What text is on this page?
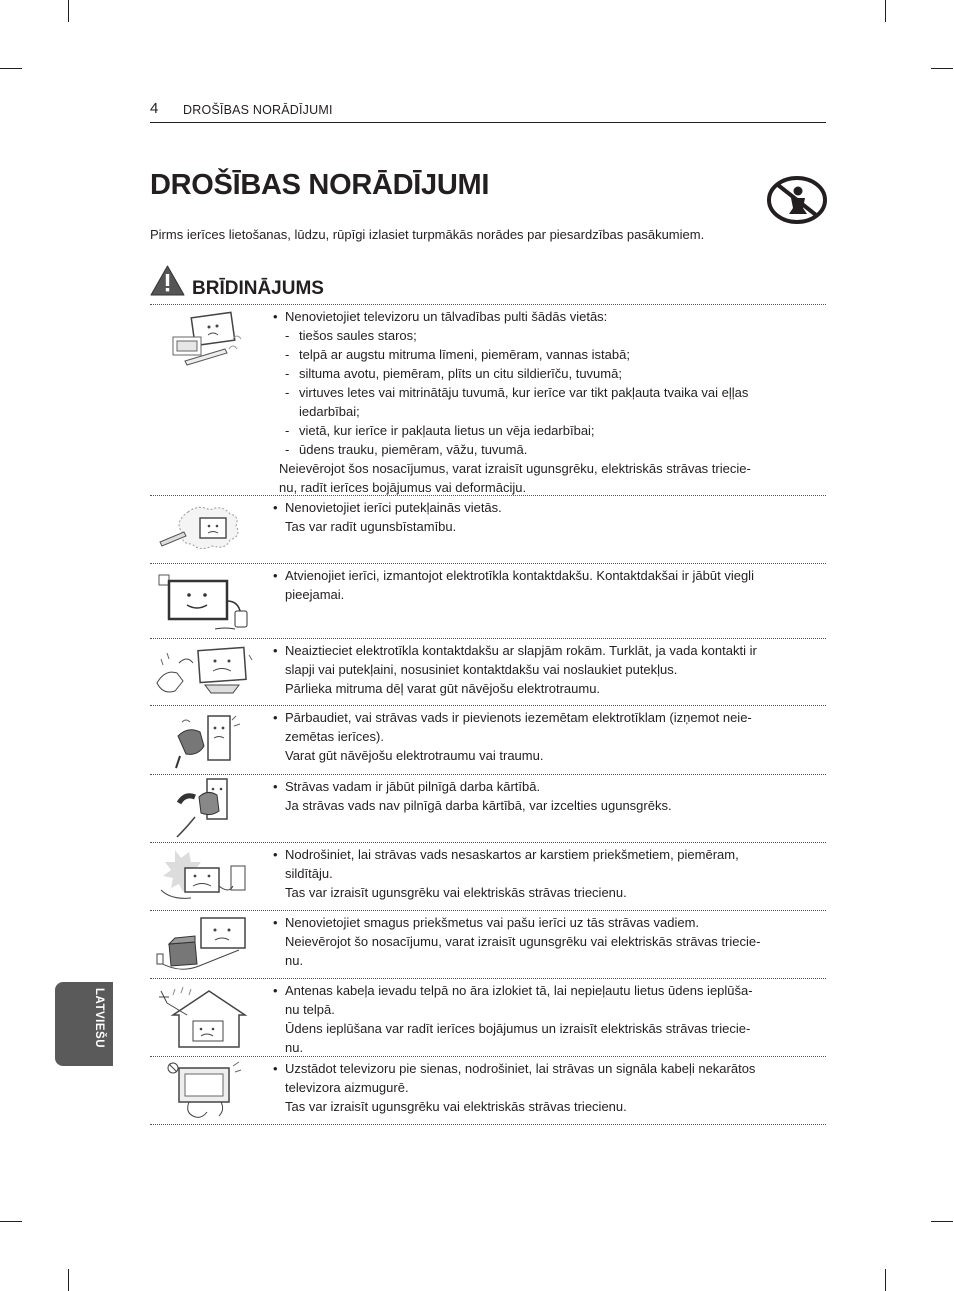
4 DROŠĪBAS NORĀDĪJUMI
DROŠĪBAS NORĀDĪJUMI

Pirms ierīces lietošanas, lūdzu, rūpīgi izlasiet turpmākās norādes par piesardzības pasākumiem.

BRĪDINĀJUMS
• Nenovietojiet televizoru un tālvadības pulti šādās vietās:
- tiešos saules staros;
- telpā ar augstu mitruma līmeni, piemēram, vannas istabā;
- siltuma avotu, piemēram, plīts un citu sildierīču, tuvumā;
- virtuves letes vai mitrinātāju tuvumā, kur ierīce var tikt pakļauta tvaika vai eļļas
iedarbībai;
- vietā, kur ierīce ir pakļauta lietus un vēja iedarbībai;
- ūdens trauku, piemēram, vāžu, tuvumā.
Neievērojot šos nosacījumus, varat izraisīt ugunsgrēku, elektriskās strāvas triecie-
nu, radīt ierīces bojājumus vai deformāciju.
• Nenovietojiet ierīci putekļainās vietās.
Tas var radīt ugunsbīstamību.
• Atvienojiet ierīci, izmantojot elektrotīkla kontaktdakšu. Kontaktdakšai ir jābūt viegli
pieejamai.
• Neaiztieciet elektrotīkla kontaktdakšu ar slapjām rokām. Turklāt, ja vada kontakti ir
slapji vai putekļaini, nosusiniet kontaktdakšu vai noslaukiet putekļus.
Pārlieka mitruma dēļ varat gūt nāvējošu elektrotraumu.
• Pārbaudiet, vai strāvas vads ir pievienots iezemētam elektrotīklam (izņemot neie-
zemētas ierīces).
Varat gūt nāvējošu elektrotraumu vai traumu.
• Strāvas vadam ir jābūt pilnīgā darba kārtībā.
Ja strāvas vads nav pilnīgā darba kārtībā, var izcelties ugunsgrēks.
• Nodrošiniet, lai strāvas vads nesaskartos ar karstiem priekšmetiem, piemēram,
sildītāju.
Tas var izraisīt ugunsgrēku vai elektriskās strāvas triecienu.
• Nenovietojiet smagus priekšmetus vai pašu ierīci uz tās strāvas vadiem.
Neievērojot šo nosacījumu, varat izraisīt ugunsgrēku vai elektriskās strāvas triecie-
nu.
• Antenas kabeļa ievadu telpā no āra izlokiet tā, lai nepieļautu lietus ūdens ieplūša-
nu telpā.
Ūdens ieplūšana var radīt ierīces bojājumus un izraisīt elektriskās strāvas triecie-
nu.
• Uzstādot televizoru pie sienas, nodrošiniet, lai strāvas un signāla kabeļi nekarātos
televizora aizmugurē.
Tas var izraisīt ugunsgrēku vai elektriskās strāvas triecienu.
LATVIEŠU
